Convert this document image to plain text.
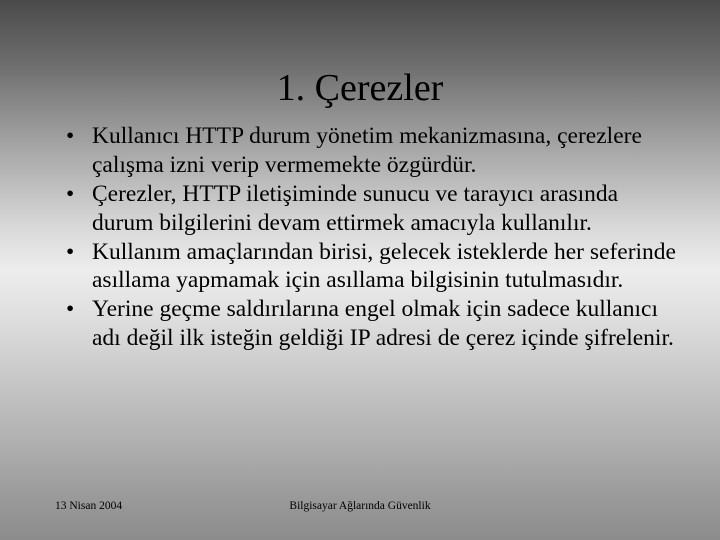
1. Çerezler
• Kullanıcı HTTP durum yönetim mekanizmasına, çerezlere çalışma izni verip vermemekte özgürdür.
• Çerezler, HTTP iletişiminde sunucu ve tarayıcı arasında durum bilgilerini devam ettirmek amacıyla kullanılır.
• Kullanım amaçlarından birisi, gelecek isteklerde her seferinde asıllama yapmamak için asıllama bilgisinin tutulmasıdır.
• Yerine geçme saldırılarına engel olmak için sadece kullanıcı adı değil ilk isteğin geldiği IP adresi de çerez içinde şifrelenir.
13 Nisan 2004	Bilgisayar Ağlarında Güvenlik
